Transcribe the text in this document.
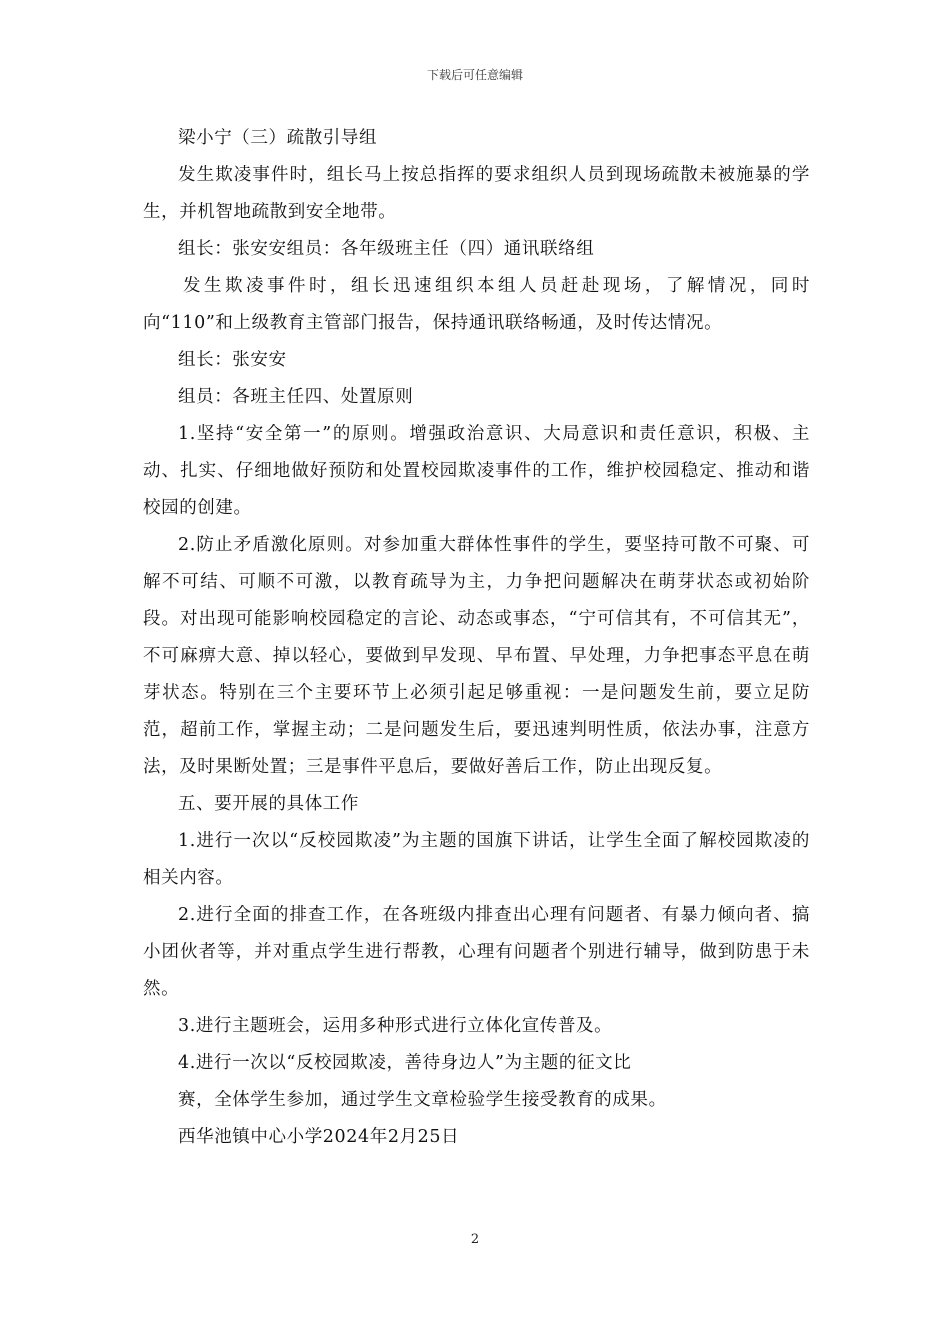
下载后可任意编辑

梁小宁（三）疏散引导组

发生欺凌事件时，组长马上按总指挥的要求组织人员到现场疏散未被施暴的学生，并机智地疏散到安全地带。

组长：张安安组员：各年级班主任（四）通讯联络组

发生欺凌事件时，组长迅速组织本组人员赶赴现场，了解情况，同时向“110”和上级教育主管部门报告，保持通讯联络畅通，及时传达情况。

组长：张安安

组员：各班主任四、处置原则

1.坚持“安全第一”的原则。增强政治意识、大局意识和责任意识，积极、主动、扎实、仔细地做好预防和处置校园欺凌事件的工作，维护校园稳定、推动和谐校园的创建。

2.防止矛盾激化原则。对参加重大群体性事件的学生，要坚持可散不可聚、可解不可结、可顺不可激，以教育疏导为主，力争把问题解决在萌芽状态或初始阶段。对出现可能影响校园稳定的言论、动态或事态，“宁可信其有，不可信其无”，不可麻痹大意、掉以轻心，要做到早发现、早布置、早处理，力争把事态平息在萌芽状态。特别在三个主要环节上必须引起足够重视：一是问题发生前，要立足防范，超前工作，掌握主动；二是问题发生后，要迅速判明性质，依法办事，注意方法，及时果断处置；三是事件平息后，要做好善后工作，防止出现反复。

五、要开展的具体工作

1.进行一次以“反校园欺凌”为主题的国旗下讲话，让学生全面了解校园欺凌的相关内容。

2.进行全面的排查工作，在各班级内排查出心理有问题者、有暴力倾向者、搞小团伙者等，并对重点学生进行帮教，心理有问题者个别进行辅导，做到防患于未然。

3.进行主题班会，运用多种形式进行立体化宣传普及。

4.进行一次以“反校园欺凌，善待身边人”为主题的征文比

赛，全体学生参加，通过学生文章检验学生接受教育的成果。

西华池镇中心小学2024年2月25日

2
